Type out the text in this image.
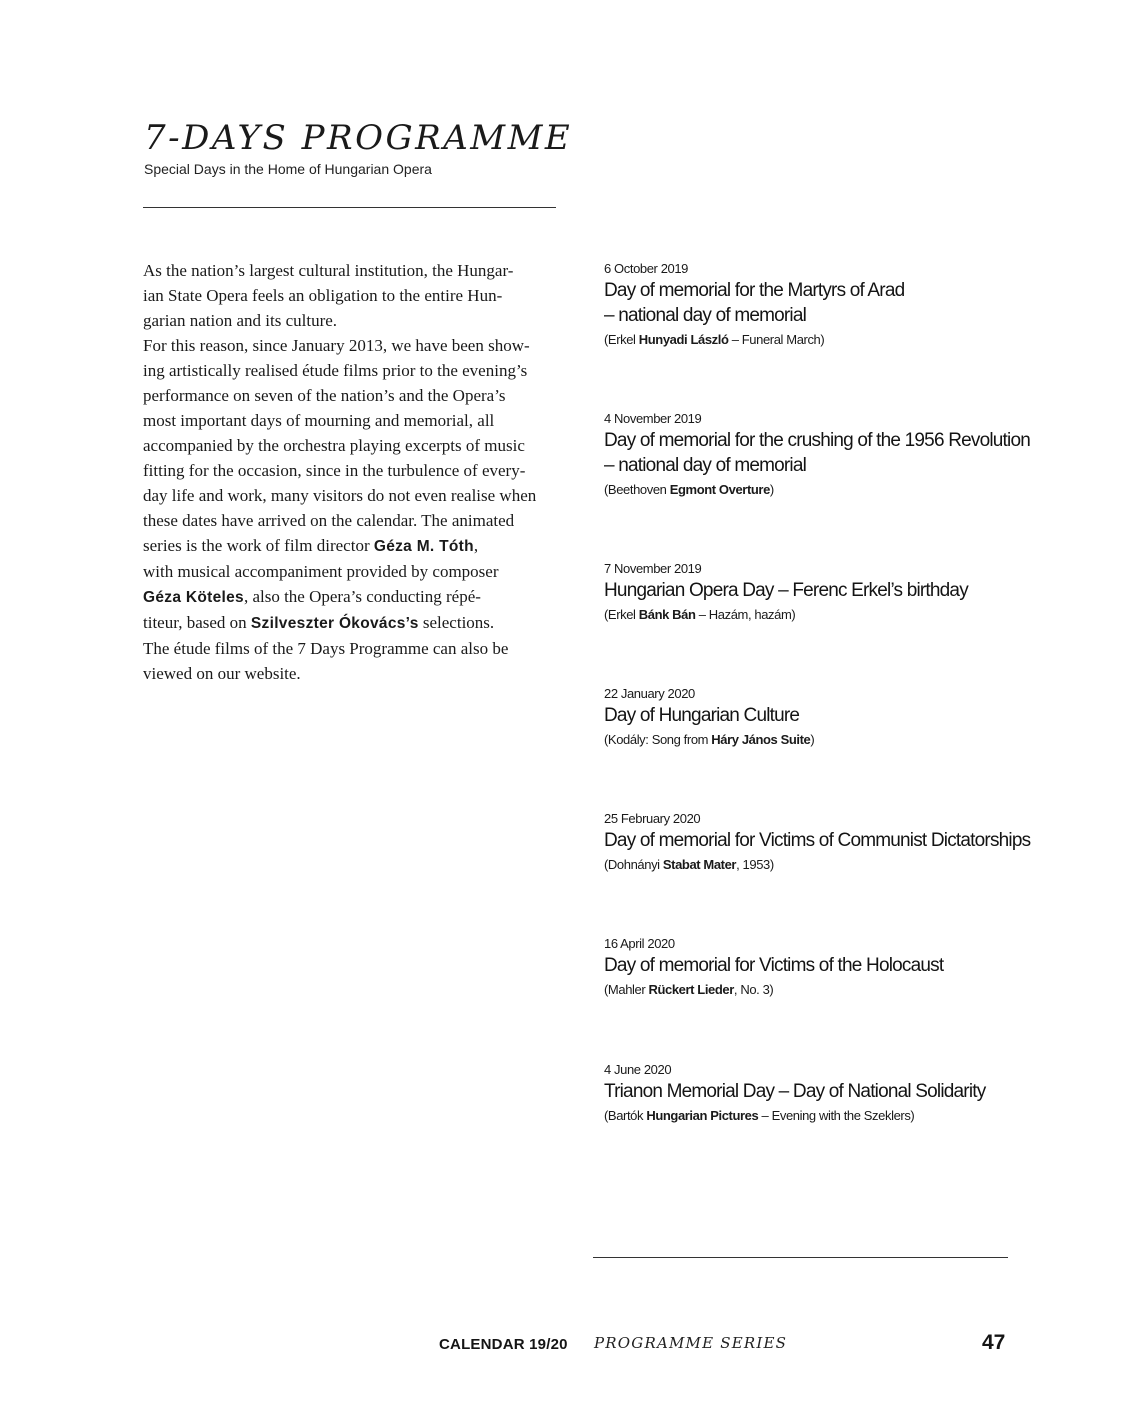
7-DAYS PROGRAMME
Special Days in the Home of Hungarian Opera
As the nation’s largest cultural institution, the Hungar-
ian State Opera feels an obligation to the entire Hun-
garian nation and its culture.
For this reason, since January 2013, we have been show-
ing artistically realised étude films prior to the evening’s
performance on seven of the nation’s and the Opera’s
most important days of mourning and memorial, all
accompanied by the orchestra playing excerpts of music
fitting for the occasion, since in the turbulence of every-
day life and work, many visitors do not even realise when
these dates have arrived on the calendar. The animated
series is the work of film director Géza M. Tóth,
with musical accompaniment provided by composer
Géza Köteles, also the Opera’s conducting répé-
titeur, based on Szilveszter Ókovács’s selections.
The étude films of the 7 Days Programme can also be
viewed on our website.
6 October 2019
Day of memorial for the Martyrs of Arad
– national day of memorial
(Erkel Hunyadi László – Funeral March)
4 November 2019
Day of memorial for the crushing of the 1956 Revolution
– national day of memorial
(Beethoven Egmont Overture)
7 November 2019
Hungarian Opera Day – Ferenc Erkel’s birthday
(Erkel Bánk Bán – Hazám, hazám)
22 January 2020
Day of Hungarian Culture
(Kodály: Song from Háry János Suite)
25 February 2020
Day of memorial for Victims of Communist Dictatorships
(Dohnányi Stabat Mater, 1953)
16 April 2020
Day of memorial for Victims of the Holocaust
(Mahler Rückert Lieder, No. 3)
4 June 2020
Trianon Memorial Day – Day of National Solidarity
(Bartók Hungarian Pictures – Evening with the Szeklers)
CALENDAR 19/20 PROGRAMME SERIES	47
